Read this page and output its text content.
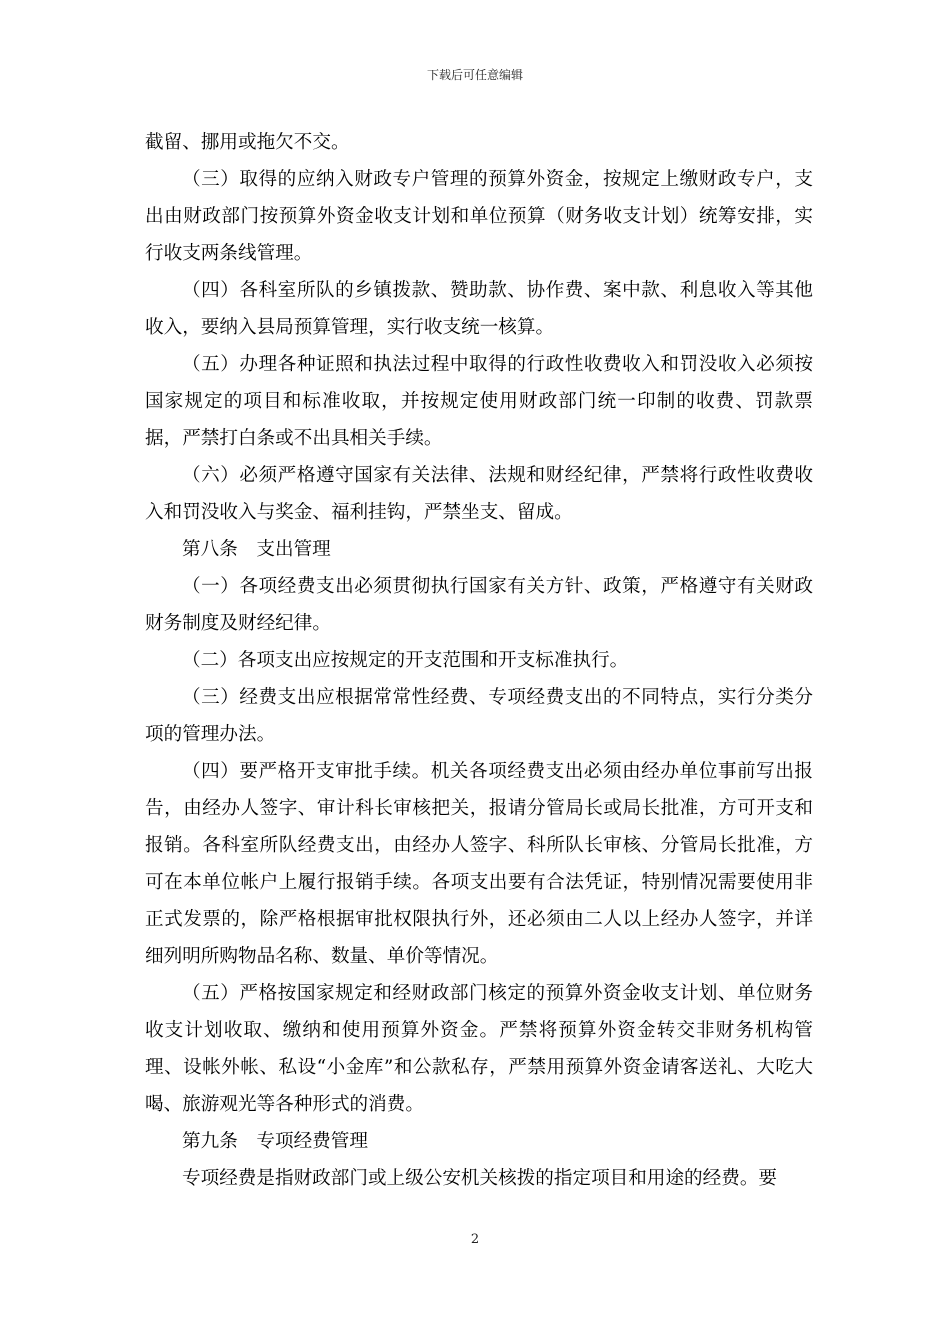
下载后可任意编辑

截留、挪用或拖欠不交。

（三）取得的应纳入财政专户管理的预算外资金，按规定上缴财政专户，支出由财政部门按预算外资金收支计划和单位预算（财务收支计划）统筹安排，实行收支两条线管理。

（四）各科室所队的乡镇拨款、赞助款、协作费、案中款、利息收入等其他收入，要纳入县局预算管理，实行收支统一核算。

（五）办理各种证照和执法过程中取得的行政性收费收入和罚没收入必须按国家规定的项目和标准收取，并按规定使用财政部门统一印制的收费、罚款票据，严禁打白条或不出具相关手续。

（六）必须严格遵守国家有关法律、法规和财经纪律，严禁将行政性收费收入和罚没收入与奖金、福利挂钩，严禁坐支、留成。

第八条　支出管理

（一）各项经费支出必须贯彻执行国家有关方针、政策，严格遵守有关财政财务制度及财经纪律。

（二）各项支出应按规定的开支范围和开支标准执行。

（三）经费支出应根据常常性经费、专项经费支出的不同特点，实行分类分项的管理办法。

（四）要严格开支审批手续。机关各项经费支出必须由经办单位事前写出报告，由经办人签字、审计科长审核把关，报请分管局长或局长批准，方可开支和报销。各科室所队经费支出，由经办人签字、科所队长审核、分管局长批准，方可在本单位帐户上履行报销手续。各项支出要有合法凭证，特别情况需要使用非正式发票的，除严格根据审批权限执行外，还必须由二人以上经办人签字，并详细列明所购物品名称、数量、单价等情况。

（五）严格按国家规定和经财政部门核定的预算外资金收支计划、单位财务收支计划收取、缴纳和使用预算外资金。严禁将预算外资金转交非财务机构管理、设帐外帐、私设“小金库”和公款私存，严禁用预算外资金请客送礼、大吃大喝、旅游观光等各种形式的消费。

第九条　专项经费管理

专项经费是指财政部门或上级公安机关核拨的指定项目和用途的经费。要

2
